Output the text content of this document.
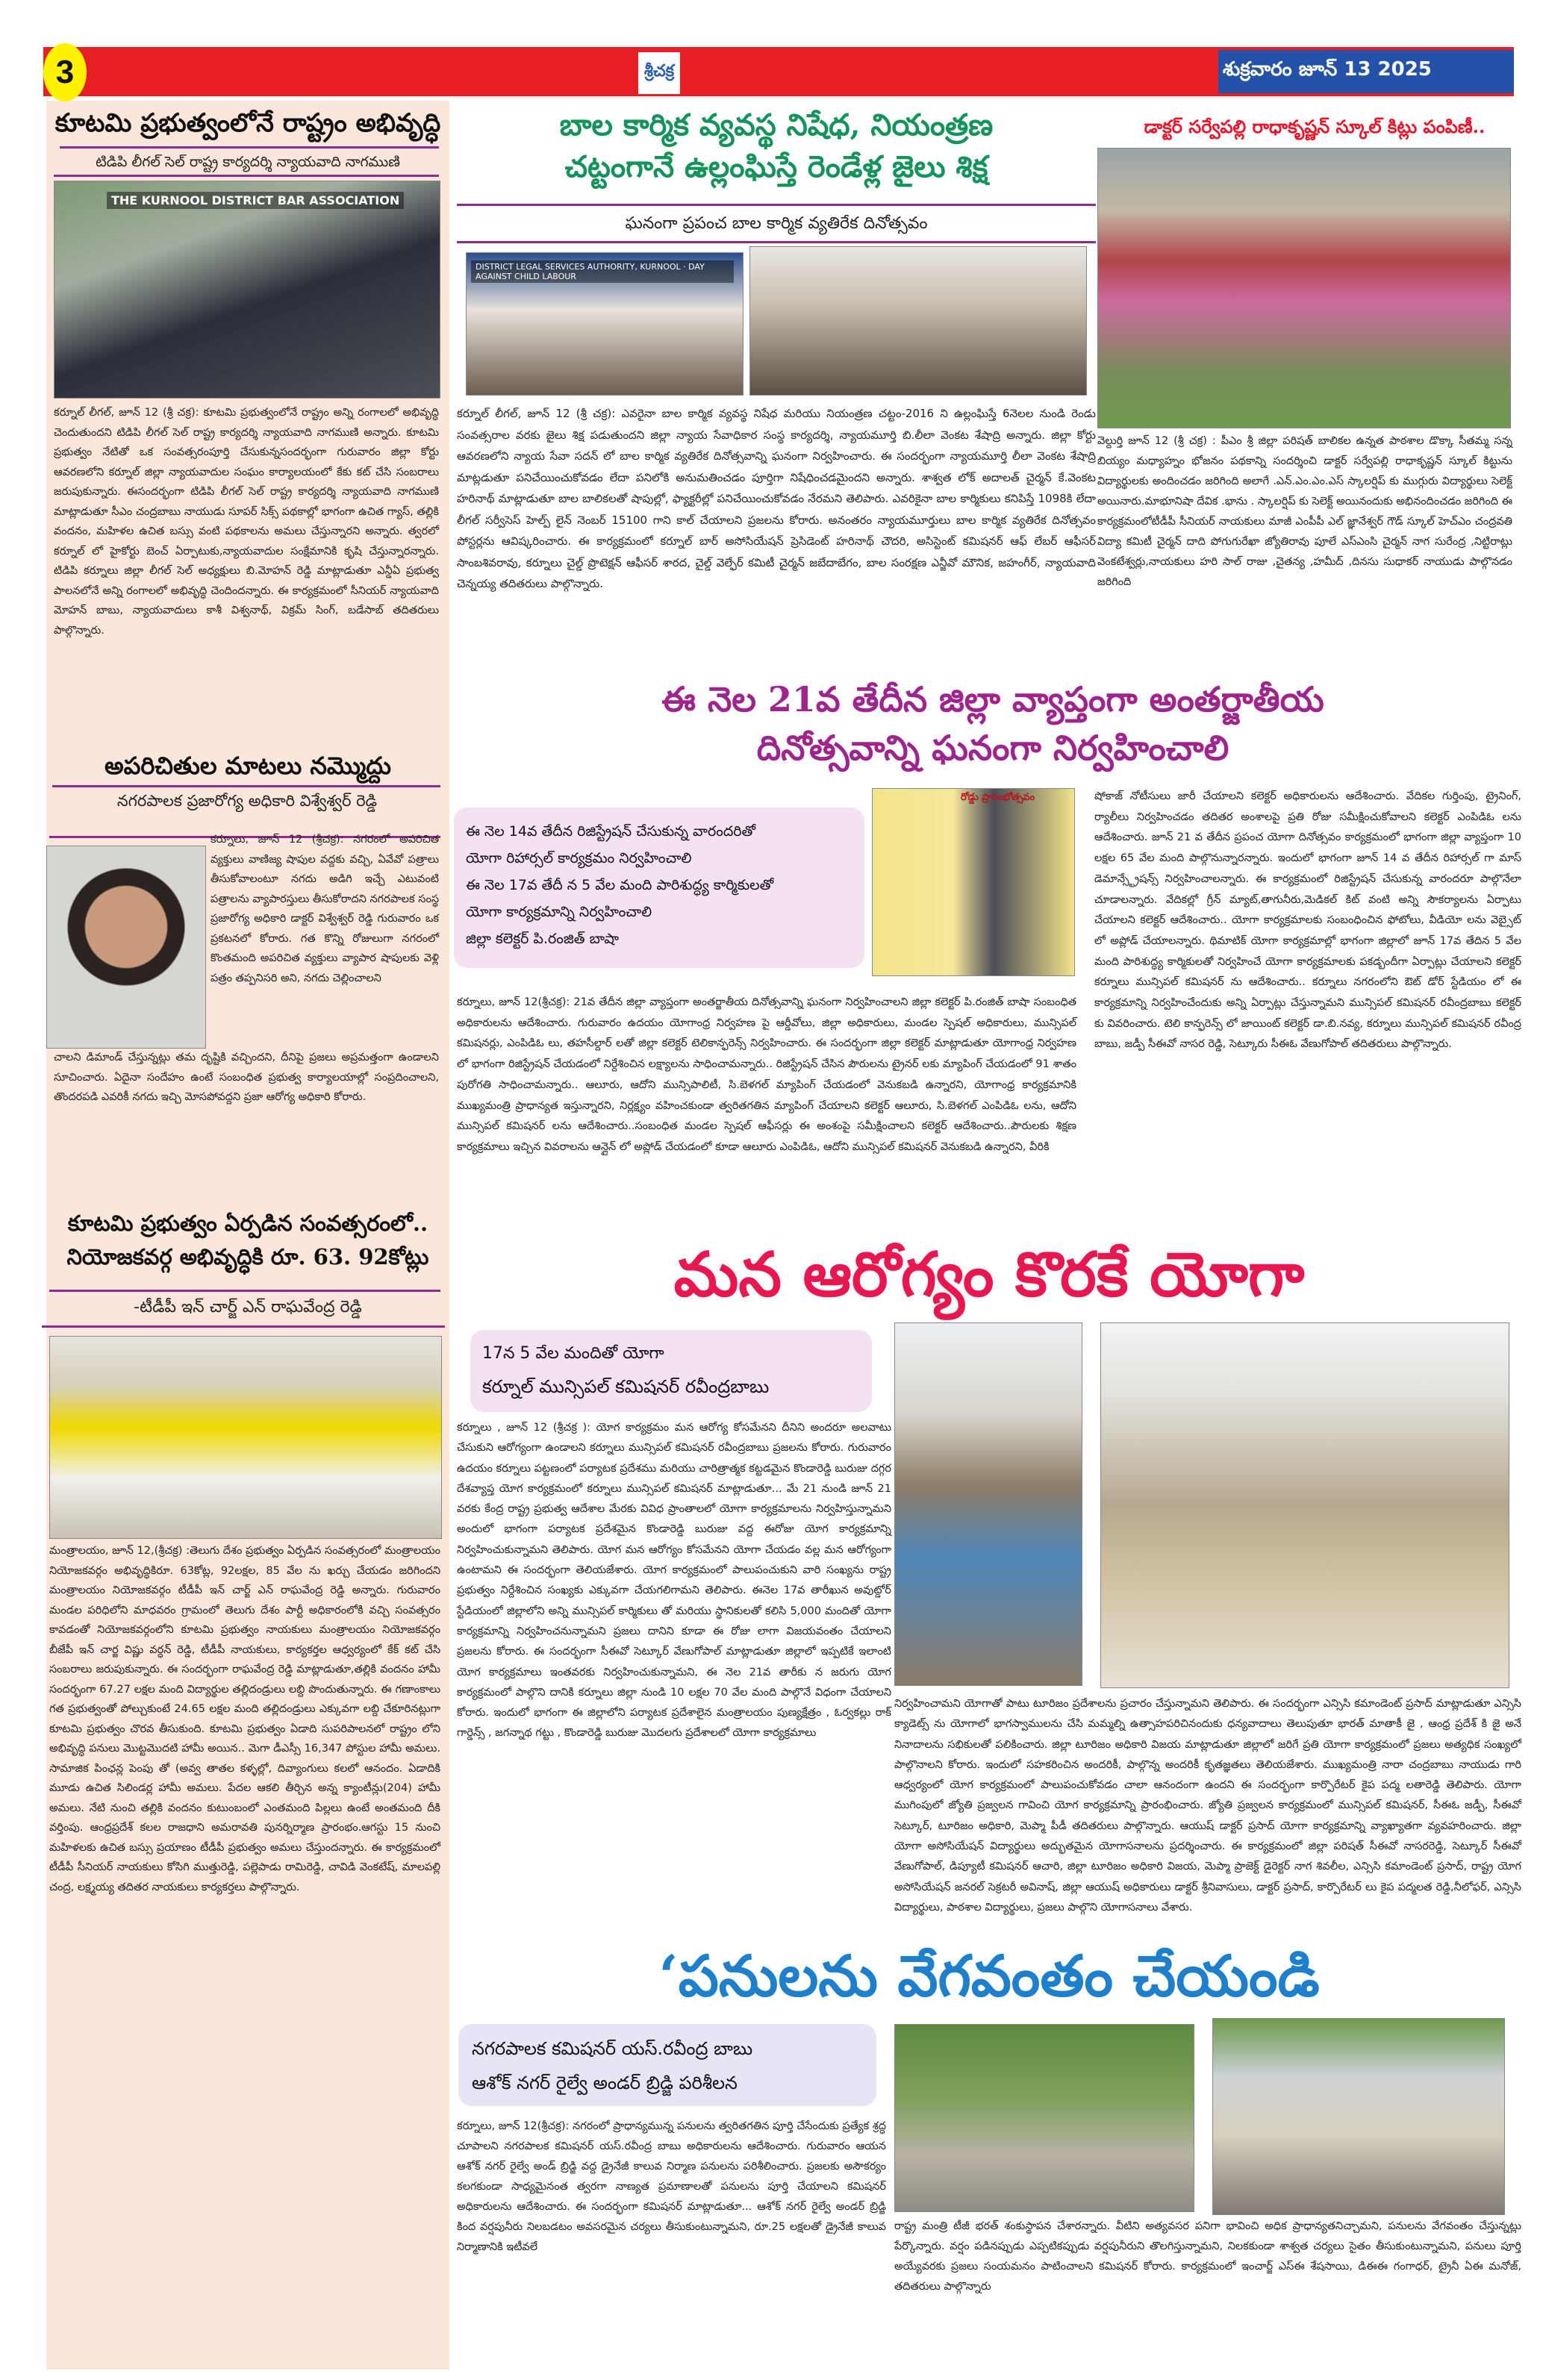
3	శ్రీచక్ర	శుక్రవారం జూన్ 13 2025
కూటమి ప్రభుత్వంలోనే రాష్ట్రం అభివృద్ధి
టిడిపి లీగల్ సెల్ రాష్ట్ర కార్యదర్శి న్యాయవాది నాగముణి
THE KURNOOL DISTRICT BAR ASSOCIATION
కర్నూల్ లీగల్, జూన్ 12 (శ్రీ చక్ర): కూటమి ప్రభుత్వంలోనే రాష్ట్రం అన్ని రంగాలలో అభివృద్ధి చెందుతుందని టిడిపి లీగల్ సెల్ రాష్ట్ర కార్యదర్శి న్యాయవాది నాగముణి అన్నారు. కూటమి ప్రభుత్వం నేటితో ఒక సంవత్సరంపూర్తి చేసుకున్నసందర్భంగా గురువారం జిల్లా కోర్టు ఆవరణలోని కర్నూల్ జిల్లా న్యాయవాదుల సంఘం కార్యాలయంలో కేకు కట్ చేసి సంబరాలు జరుపుకున్నారు. ఈసందర్భంగా టిడిపి లీగల్ సెల్ రాష్ట్ర కార్యదర్శి న్యాయవాది నాగముణి మాట్లాడుతూ సీఎం చంద్రబాబు నాయుడు సూపర్ సిక్స్ పథకాల్లో భాగంగా ఉచిత గ్యాస్, తల్లికి వందనం, మహిళల ఉచిత బస్సు వంటి పథకాలను అమలు చేస్తున్నారని అన్నారు. త్వరలో కర్నూల్ లో హైకోర్టు బెంచ్ ఏర్పాటుకు,న్యాయవాదుల సంక్షేమానికి కృషి చేస్తున్నారన్నారు. టిడిపి కర్నూలు జిల్లా లీగల్ సెల్ అధ్యక్షులు బి.మోహన్ రెడ్డి మాట్లాడుతూ ఎన్డీఏ ప్రభుత్వ పాలనలోనే అన్ని రంగాలలో అభివృద్ధి చెందిందన్నారు. ఈ కార్యక్రమంలో సీనియర్ న్యాయవాది మోహన్ బాబు, న్యాయవాదులు కాశీ విశ్వనాథ్, విక్రమ్ సింగ్, బడేసాబ్ తదితరులు పాల్గొన్నారు.
అపరిచితుల మాటలు నమ్మొద్దు
నగరపాలక ప్రజారోగ్య అధికారి విశ్వేశ్వర్ రెడ్డి
కర్నూలు, జూన్ 12 (శ్రీచక్ర): నగరంలో అపరిచిత వ్యక్తులు వాణిజ్య షాపుల వద్దకు వచ్చి, ఏవేవో పత్రాలు తీసుకోవాలంటూ నగదు అడిగి ఇచ్చే ఎటువంటి పత్రాలను వ్యాపారస్తులు తీసుకోరాదని నగరపాలక సంస్థ ప్రజారోగ్య అధికారి డాక్టర్ విశ్వేశ్వర్ రెడ్డి గురువారం ఒక ప్రకటనలో కోరారు. గత కొన్ని రోజులుగా నగరంలో కొంతమంది అపరిచిత వ్యక్తులు వ్యాపార షాపులకు వెళ్లి పత్రం తప్పనిసరి అని, నగదు చెల్లించాలని
చాలని డిమాండ్ చేస్తున్నట్లు తమ దృష్టికి వచ్చిందని, దీనిపై ప్రజలు అప్రమత్తంగా ఉండాలని సూచించారు. ఏదైనా సందేహం ఉంటే సంబంధిత ప్రభుత్వ కార్యాలయాల్లో సంప్రదించాలని, తొందరపడి ఎవరికీ నగదు ఇచ్చి మోసపోవద్దని ప్రజా ఆరోగ్య అధికారి కోరారు.
కూటమి ప్రభుత్వం ఏర్పడిన సంవత్సరంలో..
నియోజకవర్గ అభివృద్ధికి రూ. 63. 92కోట్లు
-టీడీపీ ఇన్ చార్జ్ ఎన్ రాఘవేంద్ర రెడ్డి
మంత్రాలయం, జూన్ 12,(శ్రీచక్ర) :తెలుగు దేశం ప్రభుత్వం ఏర్పడిన సంవత్సరంలో మంత్రాలయం నియోజకవర్గం అభివృద్ధికిరూ. 63కోట్ల, 92లక్షల, 85 వేల ను ఖర్చు చేయడం జరిగిందని మంత్రాలయం నియోజకవర్గం టీడీపీ ఇన్ చార్జ్ ఎన్ రాఘవేంద్ర రెడ్డి అన్నారు. గురువారం మండల పరిధిలోని మాధవరం గ్రామంలో తెలుగు దేశం పార్టీ అధికారంలోకి వచ్చి సంవత్సరం కావడంతో నియోజకవర్గంలోని కూటమి ప్రభుత్వం నాయకులు మంత్రాలయం నియోజకవర్గం బీజేపీ ఇన్ చార్జ విష్ణు వర్ధన్ రెడ్డి, టీడీపీ నాయకులు, కార్యకర్తల ఆధ్వర్యంలో కేక్ కట్ చేసి సంబరాలు జరుపుకున్నారు. ఈ సందర్భంగా రాఘవేంద్ర రెడ్డి మాట్లాడుతూ,తల్లికి వందనం హామీ సందర్భంగా 67.27 లక్షల మంది విద్యార్థుల తల్లిదండ్రులు లబ్ది పొందుతున్నారు. ఈ గణాంకాలు గత ప్రభుత్వంతో పోల్చుకుంటే 24.65 లక్షల మంది తల్లిదండ్రులు ఎక్కువగా లబ్ది చేకూరినట్లుగా కూటమి ప్రభుత్వం చొరవ తీసుకుంది. కూటమి ప్రభుత్వం ఏడాది సుపరిపాలనలో రాష్ట్రం లోని అభివృద్ధి పనులు మొట్టమొదటి హామీ అయిన.. మెగా డీఎస్సీ 16,347 పోస్టుల హామీ అమలు. సామాజిక పింఛన్ల పెంపు తో (అవ్వ తాతల కళ్ళల్లో, దివ్యాంగులు కలలో ఆనందం. ఏడాదికి మూడు ఉచిత సిలిండర్ల హామీ అమలు. పేదల ఆకలి తీర్చిన అన్న క్యాంటీన్లు(204) హామీ అమలు. నేటి నుంచి తల్లికి వందనం కుటుంబంలో ఎంతమంది పిల్లలు ఉంటే అంతమంది దీకి వర్తింపు. ఆంధ్రప్రదేశ్ కలల రాజధాని అమరావతి పునర్నిర్మాణ ప్రారంభం.ఆగస్టు 15 నుంచి మహిళలకు ఉచిత బస్సు ప్రయాణం టీడీపీ ప్రభుత్వం అమలు చేస్తుందన్నారు. ఈ కార్యక్రమంలో టీడీపీ సీనియర్ నాయకులు కోసిగి ముత్తురెడ్డి, పల్లెపాడు రామిరెడ్డి, చావిడి వెంకటేష్, మాలపల్లి చంద్ర, లక్ష్మయ్య తదితర నాయకులు కార్యకర్తలు పాల్గొన్నారు.
బాల కార్మిక వ్యవస్థ నిషేధ, నియంత్రణ
చట్టంగానే ఉల్లంఘిస్తే రెండేళ్ల జైలు శిక్ష
ఘనంగా ప్రపంచ బాల కార్మిక వ్యతిరేక దినోత్సవం
DISTRICT LEGAL SERVICES AUTHORITY, KURNOOL · DAY AGAINST CHILD LABOUR
కర్నూల్ లీగల్, జూన్ 12 (శ్రీ చక్ర): ఎవరైనా బాల కార్మిక వ్యవస్థ నిషేధ మరియు నియంత్రణ చట్టం-2016 ని ఉల్లంఘిస్తే 6నెలల నుండి రెండు సంవత్సరాల వరకు జైలు శిక్ష పడుతుందని జిల్లా న్యాయ సేవాధికార సంస్థ కార్యదర్శి, న్యాయమూర్తి బి.లీలా వెంకట శేషాద్రి అన్నారు. జిల్లా కోర్టు ఆవరణలోని న్యాయ సేవా సదన్ లో బాల కార్మిక వ్యతిరేక దినోత్సవాన్ని ఘనంగా నిర్వహించారు. ఈ సందర్భంగా న్యాయమూర్తి లీలా వెంకట శేషాద్రి మాట్లడుతూ పనిచేయించుకోవడం లేదా పనిలోకి అనుమతించడం పూర్తిగా నిషేధించడమైందని అన్నారు. శాశ్వత లోక్ అదాలత్ చైర్మన్ కే.వెంకట హరినాథ్ మాట్లాడుతూ బాల బాలికలతో షాపుల్లో, ఫ్యాక్టరీల్లో పనిచేయించుకోవడం నేరమని తెలిపారు. ఎవరికైనా బాల కార్మికులు కనిపిస్తే 1098కి లేదా లీగల్ సర్వీసెస్ హెల్ప్ లైన్ నెంబర్ 15100 గాని కాల్ చేయాలని ప్రజలను కోరారు. అనంతరం న్యాయమూర్తులు బాల కార్మిక వ్యతిరేక దినోత్సవం పోస్టర్లను ఆవిష్కరించారు. ఈ కార్యక్రమంలో కర్నూల్ బార్ అసోసియేషన్ ప్రెసిడెంట్ హరినాథ్ చౌదరి, అసిస్టెంట్ కమిషనర్ ఆఫ్ లేబర్ ఆఫీసర్ సాంబశివరావు, కర్నూలు చైల్డ్ ప్రొటెక్షన్ ఆఫీసర్ శారద, చైల్డ్ వెల్ఫేర్ కమిటీ చైర్మన్ జబేదాబేగం, బాల సంరక్షణ ఎన్జీవో మౌనిక, జహంగీర్, న్యాయవాది చెన్నయ్య తదితరులు పాల్గొన్నారు.
డాక్టర్ సర్వేపల్లి రాధాకృష్ణన్ స్కూల్ కిట్లు పంపిణీ..
వెల్దుర్తి జూన్ 12 (శ్రీ చక్ర) : పీఎం శ్రీ జిల్లా పరిషత్ బాలికల ఉన్నత పాఠశాల డొక్కా సీతమ్మ సన్న బియ్యం మధ్యాహ్నం భోజనం పథకాన్ని సందర్శించి డాక్టర్ సర్వేపల్లి రాధాకృష్ణన్ స్కూల్ కిట్టును విద్యార్థులకు అందించడం జరిగింది అలాగే .ఎన్.ఎం.ఎం.ఎస్ స్కాలర్షిప్ కు ముగ్గురు విద్యార్థులు సెలెక్ట్ అయినారు.మాభూనిషా దేవిక .భాను . స్కాలర్షిప్ కు సెలెక్ట్ అయినందుకు అభినందించడం జరిగింది ఈ కార్యక్రమంలోటీడీపీ సీనియర్ నాయకులు మాజీ ఎంపీపీ ఎల్ జ్ఞానేశ్వర్ గౌడ్ స్కూల్ హెచ్ఎం చంద్రవతి విద్యా కమిటీ చైర్మన్ దాది పోగుగురేఖా జ్యోతిరావు పూలే ఎస్ఎంసి చైర్మన్ నాగ సురేంద్ర ,నిట్టిరాట్లు వెంకటేశ్వర్లు,నాయకులు హరి సాల్ రాజు ,చైతన్య ,హమీద్ ,దినసు సుధాకర్ నాయుడు పాల్గొనడం జరిగింది
ఈ నెల 21వ తేదీన జిల్లా వ్యాప్తంగా అంతర్జాతీయ
దినోత్సవాన్ని ఘనంగా నిర్వహించాలి
ఈ నెల 14వ తేదీన రిజిస్ట్రేషన్ చేసుకున్న వారందరితో
యోగా రిహార్సల్ కార్యక్రమం నిర్వహించాలి
ఈ నెల 17వ తేదీ న 5 వేల మంది పారిశుద్ధ్య కార్మికులతో
యోగా కార్యక్రమాన్ని నిర్వహించాలి
జిల్లా కలెక్టర్ పి.రంజిత్ బాషా
రోడ్డు ప్రారంభోత్సవం	షోకాజ్ నోటీసులు జారీ చేయాలని కలెక్టర్ అధికారులను ఆదేశించారు. వేదికల గుర్తింపు, ట్రైనింగ్, ర్యాలీలు నిర్వహించడం తదితర అంశాలపై ప్రతి రోజు సమీక్షించుకోవాలని కలెక్టర్ ఎంపిడిఓ లను ఆదేశించారు. జూన్ 21 వ తేదీన ప్రపంచ యోగా దినోత్సవం కార్యక్రమంలో భాగంగా జిల్లా వ్యాప్తంగా 10 లక్షల 65 వేల మంది పాల్గొనున్నారన్నారు. ఇందులో భాగంగా జూన్ 14 వ తేదీన రిహార్సల్ గా మాస్ డెమాన్స్ట్రేషన్స్ నిర్వహించాలన్నారు. ఈ కార్యక్రమంలో రిజిస్ట్రేషన్ చేసుకున్న వారందరూ పాల్గొనేలా చూడాలన్నారు. వేదికల్లో గ్రీన్ మ్యాట్,తాగునీరు,మెడికల్ కిట్ వంటి అన్ని సౌకర్యాలను ఏర్పాటు చేయాలని కలెక్టర్ ఆదేశించారు.. యోగా కార్యక్రమాలకు సంబంధించిన ఫోటోలు, వీడియో లను వెబ్సైట్ లో అప్లోడ్ చేయాలన్నారు. థిమాటిక్ యోగా కార్యక్రమాల్లో భాగంగా జిల్లాలో జూన్ 17వ తేదిన 5 వేల మంది పారిశుద్ధ్య కార్మికులతో నిర్వహించే యోగా కార్యక్రమాలకు పకడ్బందీగా ఏర్పాట్లు చేయాలని కలెక్టర్ కర్నూలు మున్సిపల్ కమిషనర్ ను ఆదేశించారు.. కర్నూలు నగరంలోని ఔట్ డోర్ స్టేడియం లో ఈ కార్యక్రమాన్ని నిర్వహించేందుకు అన్ని ఏర్పాట్లు చేస్తున్నామని మున్సిపల్ కమిషనర్ రవీంద్రబాబు కలెక్టర్ కు వివరించారు. టెలి కాన్ఫరెన్స్ లో జాయింట్ కలెక్టర్ డా.బి.నవ్య, కర్నూలు మున్సిపల్ కమిషనర్ రవీంద్ర బాబు, జడ్పీ సీఈవో నాసర రెడ్డి, సెట్కూరు సీఈఓ వేణుగోపాల్ తదితరులు పాల్గొన్నారు.
కర్నూలు, జూన్ 12(శ్రీచక్ర): 21వ తేదీన జిల్లా వ్యాప్తంగా అంతర్జాతీయ దినోత్సవాన్ని ఘనంగా నిర్వహించాలని జిల్లా కలెక్టర్ పి.రంజిత్ బాషా సంబంధిత అధికారులను ఆదేశించారు. గురువారం ఉదయం యోగాంధ్ర నిర్వహణ పై ఆర్డీవోలు, జిల్లా అధికారులు, మండల స్పెషల్ అధికారులు, మున్సిపల్ కమిషనర్లు, ఎంపిడిఓ లు, తహసీల్దార్ లతో జిల్లా కలెక్టర్ టెలికాన్ఫరెన్స్ నిర్వహించారు. ఈ సందర్భంగా జిల్లా కలెక్టర్ మాట్లాడుతూ యోగాంధ్ర నిర్వహణ లో భాగంగా రిజిస్ట్రేషన్ చేయడంలో నిర్దేశించిన లక్ష్యాలను సాధించామన్నారు.. రిజిస్ట్రేషన్ చేసిన పౌరులను ట్రైనర్ లకు మ్యాపింగ్ చేయడంలో 91 శాతం పురోగతి సాధించామన్నారు.. ఆలూరు, ఆదోని మున్సిపాలిటీ, సి.బెళగల్ మ్యాపింగ్ చేయడంలో వెనుకబడి ఉన్నారని, యోగాంధ్ర కార్యక్రమానికి ముఖ్యమంత్రి ప్రాధాన్యత ఇస్తున్నారని, నిర్లక్ష్యం వహించకుండా త్వరితగతిన మ్యాపింగ్ చేయాలని కలెక్టర్ ఆలూరు, సి.బెళగల్ ఎంపిడిఓ లను, ఆదోని మున్సిపల్ కమిషనర్ లను ఆదేశించారు..సంబంధిత మండల స్పెషల్ ఆఫీసర్లు ఈ అంశంపై సమీక్షించాలని కలెక్టర్ ఆదేశించారు..పౌరులకు శిక్షణ కార్యక్రమాలు ఇచ్చిన వివరాలను ఆన్లైన్ లో అప్లోడ్ చేయడంలో కూడా ఆలూరు ఎంపిడిఓ, ఆదోని మున్సిపల్ కమిషనర్ వెనుకబడి ఉన్నారని, వీరికి
మన ఆరోగ్యం కొరకే యోగా
17న 5 వేల మందితో యోగా
కర్నూల్ మున్సిపల్ కమిషనర్ రవీంద్రబాబు
కర్నూలు , జూన్ 12 (శ్రీచక్ర ): యోగ కార్యక్రమం మన ఆరోగ్య కోసమేనని దీనిని అందరూ అలవాటు చేసుకుని ఆరోగ్యంగా ఉండాలని కర్నూలు మున్సిపల్ కమిషనర్ రవీంద్రబాబు ప్రజలను కోరారు. గురువారం ఉదయం కర్నూలు పట్టణంలో పర్యాటక ప్రదేశము మరియు చారిత్రాత్మక కట్టడమైన కొండారెడ్డి బురుజు దగ్గర దేశవ్యాప్త యోగ కార్యక్రమంలో కర్నూలు మున్సిపల్ కమిషనర్ మాట్లాడుతూ... మే 21 నుండి జూన్ 21 వరకు కేంద్ర రాష్ట్ర ప్రభుత్వ ఆదేశాల మేరకు వివిధ ప్రాంతాలలో యోగా కార్యక్రమాలను నిర్వహిస్తున్నామని అందులో భాగంగా పర్యాటక ప్రదేశమైన కొండారెడ్డి బురుజు వద్ద ఈరోజు యోగ కార్యక్రమాన్ని నిర్వహించుకున్నామని తెలిపారు. యోగ మన ఆరోగ్యం కోసమేనని యోగా చేయడం వల్ల మన ఆరోగ్యంగా ఉంటామని ఈ సందర్భంగా తెలియజేశారు. యోగ కార్యక్రమంలో పాలుపంచుకుని వారి సంఖ్యను రాష్ట్ర ప్రభుత్వం నిర్దేశించిన సంఖ్యకు ఎక్కువగా చేయగలిగామని తెలిపారు. ఈనెల 17వ తారీఖున అవుట్డోర్ స్టేడియంలో జిల్లాలోని అన్ని మున్సిపల్ కార్మికులు తో మరియు స్థానికులతో కలిసి 5,000 మందితో యోగా కార్యక్రమాన్ని నిర్వహించనున్నామని ప్రజలు దానిని కూడా ఈ రోజు లాగా విజయవంతం చేయాలని ప్రజలను కోరారు. ఈ సందర్భంగా సీఈవో సెట్కూర్ వేణుగోపాల్ మాట్లాడుతూ జిల్లాలో ఇప్పటికే ఇలాంటి యోగ కార్యక్రమాలు ఇంతవరకు నిర్వహించుకున్నామని, ఈ నెల 21వ తారీకు న జరుగు యోగ కార్యక్రమంలో పాల్గొని దానికి కర్నూలు జిల్లా నుండి 10 లక్షల 70 వేల మంది పాల్గొనే విధంగా చేయాలని కోరారు. ఇందులో భాగంగా ఈ జిల్లాలోని పర్యాటక ప్రదేశాలైన మంత్రాలయం పుణ్యక్షేత్రం , ఓర్వకల్లు రాక్ గార్డెన్స్ , జగన్నాథ గట్టు , కొండారెడ్డి బురుజు మొదలగు ప్రదేశాలలో యోగా కార్యక్రమాలు
నిర్వహించామని యోగాతో పాటు టూరిజం ప్రదేశాలను ప్రచారం చేస్తున్నామని తెలిపారు. ఈ సందర్భంగా ఎన్సిసి కమాండెంట్ ప్రసాద్ మాట్లాడుతూ ఎన్సిసి క్యాడెట్స్ ను యోగాలో భాగస్వాములను చేసి మమ్మల్ని ఉత్సాహపరిచినందుకు ధన్యవాదాలు తెలుపుతూ భారత్ మాతాకీ జై , ఆంధ్ర ప్రదేశ్ కి జై అనే నినాదాలను సభికులతో పలికించారు. జిల్లా టూరిజం అధికారి విజయ మాట్లాడుతూ జిల్లాలో జరిగే ప్రతి యోగా కార్యక్రమంలో ప్రజలు అత్యధిక సంఖ్యలో పాల్గొనాలని కోరారు. ఇందులో సహకరించిన అందరికీ, పాల్గొన్న అందరికీ కృతజ్ఞతలు తెలియజేశారు. ముఖ్యమంత్రి నారా చంద్రబాబు నాయుడు గారి ఆధ్వర్యంలో యోగ కార్యక్రమంలో పాలుపంచుకోవడం చాలా ఆనందంగా ఉందని ఈ సందర్భంగా కార్పొరేటర్ కైప పద్మ లతారెడ్డి తెలిపారు. యోగా ముగింపులో జ్యోతి ప్రజ్వలన గావించి యోగ కార్యక్రమాన్ని ప్రారంభించారు. జ్యోతి ప్రజ్వలన కార్యక్రమంలో మున్సిపల్ కమిషనర్, సీఈఓ జడ్పీ, సీఈవో సెట్కూర్, టూరిజం అధికారి, మెప్మా పీడీ తదితరులు పాల్గొన్నారు. ఆయుష్ డాక్టర్ ప్రసాద్ యోగా కార్యక్రమాన్ని వ్యాఖ్యాతగా వ్యవహరించారు. జిల్లా యోగా అసోసియేషన్ విద్యార్థులు అద్భుతమైన యోగాసనాలను ప్రదర్శించారు. ఈ కార్యక్రమంలో జిల్లా పరిషత్ సీఈవో నాసరరెడ్డి, సెట్కూర్ సీఈవో వేణుగోపాల్, డిప్యూటీ కమిషనర్ ఆచారి, జిల్లా టూరిజం అధికారి విజయ, మెప్మా ప్రాజెక్ట్ డైరెక్టర్ నాగ శివలీల, ఎన్సిసి కమాండెంట్ ప్రసాద్, రాష్ట్ర యోగ అసోసియేషన్ జనరల్ సెక్రటరీ అవినాష్, జిల్లా ఆయుష్ అధికారులు డాక్టర్ శ్రీనివాసులు, డాక్టర్ ప్రసాద్, కార్పొరేటర్ లు కైప పద్మలత రెడ్డి,నీలోఫర్, ఎన్సిసి విద్యార్థులు, పాఠశాల విద్యార్థులు, ప్రజలు పాల్గొని యోగాసనాలు వేశారు.
‘పనులను వేగవంతం చేయండి
నగరపాలక కమిషనర్ యస్.రవీంద్ర బాబు
ఆశోక్ నగర్ రైల్వే అండర్ బ్రిడ్జి పరిశీలన
కర్నూలు, జూన్ 12(శ్రీచక్ర): నగరంలో ప్రాధాన్యమున్న పనులను త్వరితగతిన పూర్తి చేసేందుకు ప్రత్యేక శ్రద్ధ చూపాలని నగరపాలక కమిషనర్ యస్.రవీంద్ర బాబు అధికారులను ఆదేశించారు. గురువారం ఆయన ఆశోక్ నగర్ రైల్వే అండ్ బ్రిడ్జి వద్ద డ్రైనేజీ కాలువ నిర్మాణ పనులను పరిశీలించారు. ప్రజలకు అసౌకర్యం కలగకుండా సాధ్యమైనంత త్వరగా నాణ్యత ప్రమాణాలతో పనులను పూర్తి చేయాలని కమిషనర్ అధికారులను ఆదేశించారు. ఈ సందర్భంగా కమిషనర్ మాట్లాడుతూ... ఆశోక్ నగర్ రైల్వే అండర్ బ్రిడ్జి కింద వర్షపునీరు నిలబడటం అవసరమైన చర్యలు తీసుకుంటున్నామని, రూ.25 లక్షలతో డ్రైనేజీ కాలువ నిర్మాణానికి ఇటీవలే
రాష్ట్ర మంత్రి టీజీ భరత్ శంకుస్థాపన చేశారన్నారు. వీటిని అత్యవసర పనిగా భావించి అధిక ప్రాధాన్యతనిచ్చామని, పనులను వేగవంతం చేస్తున్నట్లు పేర్కొన్నారు. వర్షం పడినప్పుడు ఎప్పటికప్పుడు వర్షపునీరుని తొలగిస్తున్నామని, నిలకకుండా శాశ్వత చర్యలు సైతం తీసుకుంటున్నామని, పనులు పూర్తి అయ్యేవరకు ప్రజలు సంయమనం పాటించాలని కమిషనర్ కోరారు. కార్యక్రమంలో ఇంచార్జ్ ఎస్ఈ శేషసాయి, డిఈఈ గంగాధర్, ట్రైనీ ఏఈ మనోజ్, తదితరులు పాల్గొన్నారు
